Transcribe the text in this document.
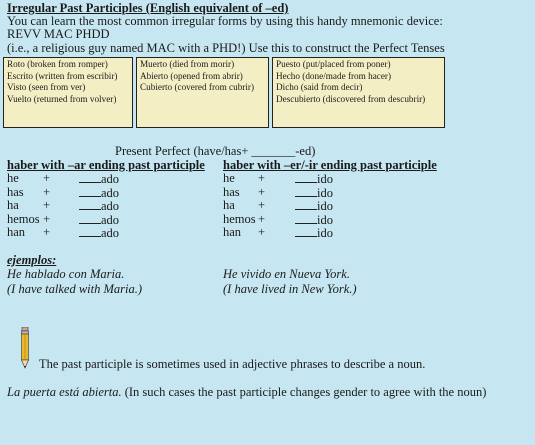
Irregular Past Participles (English equivalent of –ed)
You can learn the most common irregular forms by using this handy mnemonic device:
REVV MAC PHDD
(i.e., a religious guy named MAC with a PHD!) Use this to construct the Perfect Tenses
Roto (broken from romper)
Escrito (written from escribir)
Visto (seen from ver)
Vuelto (returned from volver)
Muerto (died from morir)
Abierto (opened from abrir)
Cubierto (covered from cubrir)
Puesto (put/placed from poner)
Hecho (done/made from hacer)
Dicho (said from decir)
Descubierto (discovered from descubrir)
Present Perfect (have/has+ _______-ed)
haber with –ar ending past participle haber with –er/-ir ending past participle
he +	ado
has +	ado
ha +	ado
hemos +	ado
han +	ado
he +	ido
has +	ido
ha +	ido
hemos +	ido
han +	ido
ejemplos:
He hablado con Maria.
(I have talked with Maria.)
He vivido en Nueva York.
(I have lived in New York.)
The past participle is sometimes used in adjective phrases to describe a noun.
La puerta está abierta. (In such cases the past participle changes gender to agree with the noun)
